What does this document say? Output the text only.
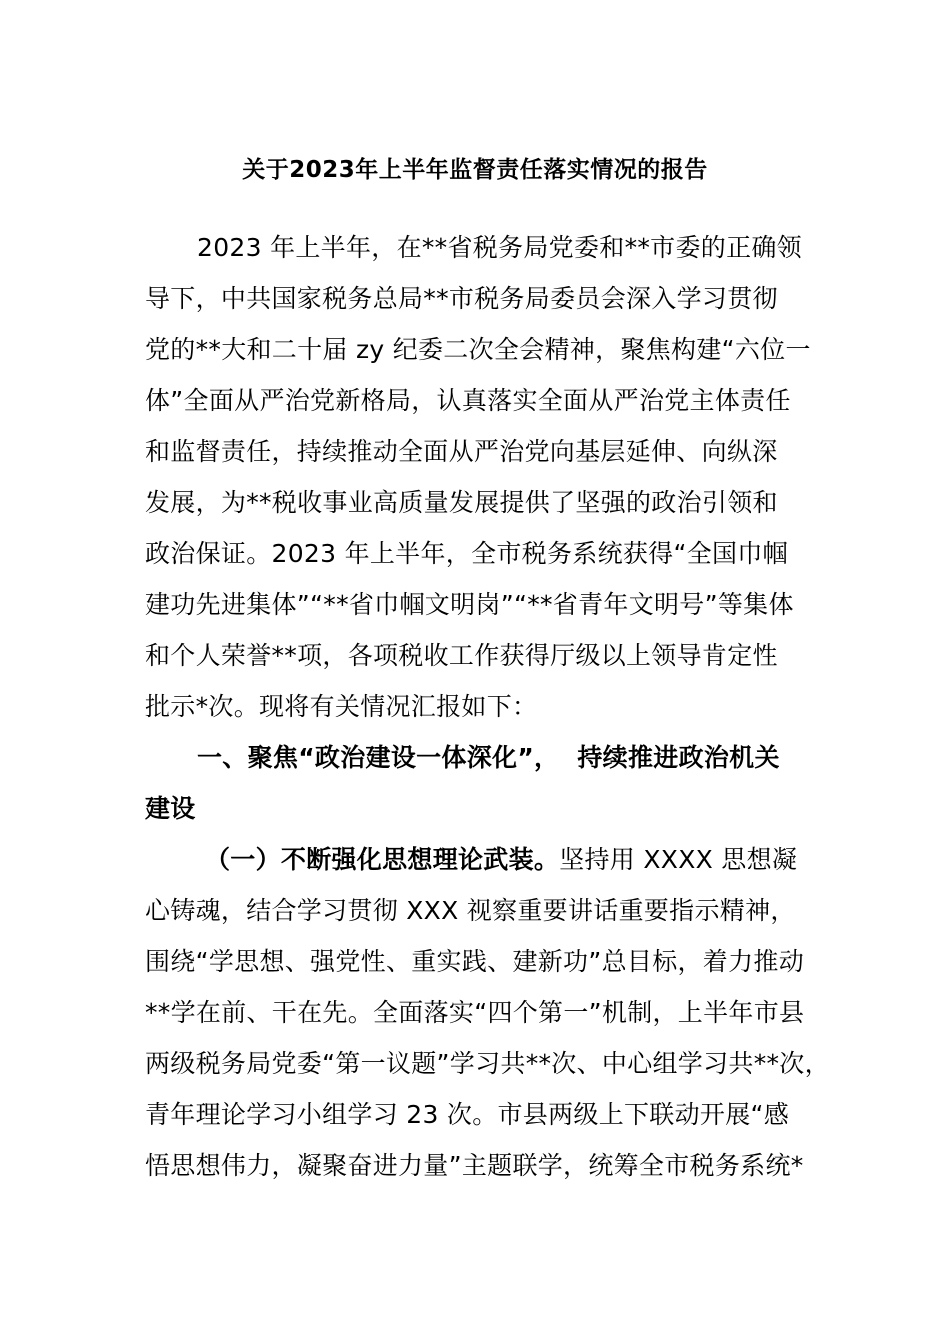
关于2023年上半年监督责任落实情况的报告
2023 年上半年，在**省税务局党委和**市委的正确领
导下，中共国家税务总局**市税务局委员会深入学习贯彻
党的**大和二十届 zy 纪委二次全会精神，聚焦构建“六位一
体”全面从严治党新格局，认真落实全面从严治党主体责任
和监督责任，持续推动全面从严治党向基层延伸、向纵深
发展，为**税收事业高质量发展提供了坚强的政治引领和
政治保证。2023 年上半年，全市税务系统获得“全国巾帼
建功先进集体”“**省巾帼文明岗”“**省青年文明号”等集体
和个人荣誉**项，各项税收工作获得厅级以上领导肯定性
批示*次。现将有关情况汇报如下：
一、聚焦“政治建设一体深化”，  持续推进政治机关
建设
（一）不断强化思想理论武装。坚持用 XXXX 思想凝
心铸魂，结合学习贯彻 XXX 视察重要讲话重要指示精神，
围绕“学思想、强党性、重实践、建新功”总目标，着力推动
**学在前、干在先。全面落实“四个第一”机制，上半年市县
两级税务局党委“第一议题”学习共**次、中心组学习共**次，
青年理论学习小组学习 23 次。市县两级上下联动开展“感
悟思想伟力，凝聚奋进力量”主题联学，统筹全市税务系统*
